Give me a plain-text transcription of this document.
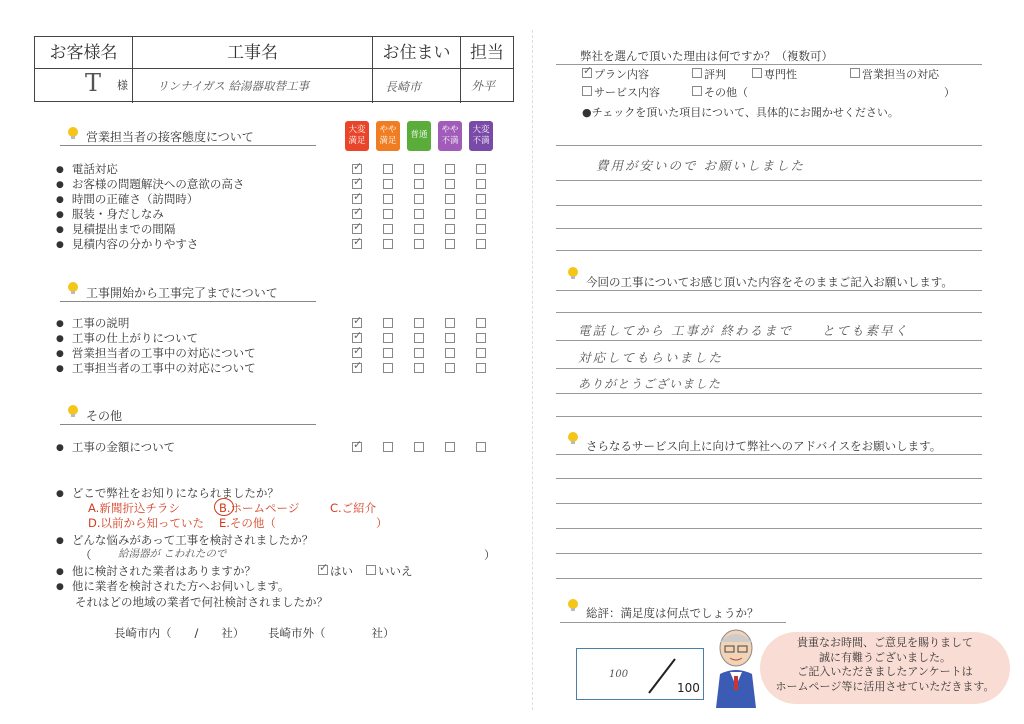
お客様名	工事名	お住まい	担当
T 様	リンナイガス 給湯器取替工事	長崎市	外平
大変
満足
やや
満足
普通	やや
不満
大変
不満
営業担当者の接客態度について
● 電話対応
● お客様の問題解決への意欲の高さ
● 時間の正確さ（訪問時）
● 服装・身だしなみ
● 見積提出までの間隔
● 見積内容の分かりやすさ
✓
✓
✓
✓
✓
✓
工事開始から工事完了までについて
● 工事の説明
● 工事の仕上がりについて
● 営業担当者の工事中の対応について
● 工事担当者の工事中の対応について
✓
✓
✓
✓
その他
● 工事の金額について
✓
● どこで弊社をお知りになられましたか？
A.新聞折込チラシ	B.ホームページ	C.ご紹介
D.以前から知っていた E.その他（	）
● どんな悩みがあって工事を検討されましたか？
（	給湯器が こわれたので	）
● 他に検討された業者はありますか？
✓	はい いいえ
● 他に業者を検討された方へお伺いします。
それはどの地域の業者で何社検討されましたか？
長崎市内（　　/　　社） 長崎市外（　　　　社）
弊社を選んで頂いた理由は何ですか？（複数可）
✓
プラン内容	評判	専門性	営業担当の対応
サービス内容	その他（	）
●チェックを頂いた項目について、具体的にお聞かせください。
費用が安いので お願いしました
今回の工事についてお感じ頂いた内容をそのままご記入お願いします。
電話してから 工事が 終わるまで　　とても素早く
対応してもらいました
ありがとうございました
さらなるサービス向上に向けて弊社へのアドバイスをお願いします。
総評：満足度は何点でしょうか？
100
100
貴重なお時間、ご意見を賜りまして
誠に有難うございました。
ご記入いただきましたアンケートは
ホームページ等に活用させていただきます。
